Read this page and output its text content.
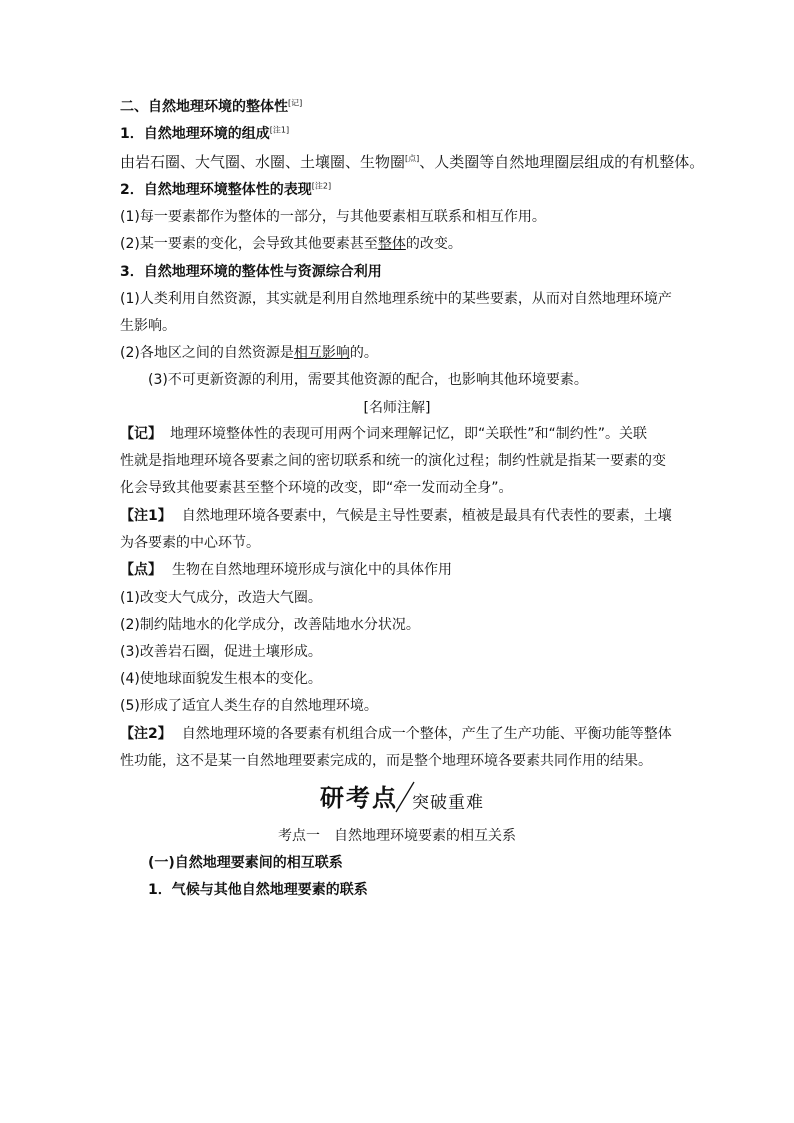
二、自然地理环境的整体性[记]
1．自然地理环境的组成[注1]
由岩石圈、大气圈、水圈、土壤圈、生物圈[点]、人类圈等自然地理圈层组成的有机整体。
2．自然地理环境整体性的表现[注2]
(1)每一要素都作为整体的一部分，与其他要素相互联系和相互作用。
(2)某一要素的变化，会导致其他要素甚至整体的改变。
3．自然地理环境的整体性与资源综合利用
(1)人类利用自然资源，其实就是利用自然地理系统中的某些要素，从而对自然地理环境产
生影响。
(2)各地区之间的自然资源是相互影响的。
(3)不可更新资源的利用，需要其他资源的配合，也影响其他环境要素。
[名师注解]
【记】 地理环境整体性的表现可用两个词来理解记忆，即“关联性”和“制约性”。关联
性就是指地理环境各要素之间的密切联系和统一的演化过程；制约性就是指某一要素的变
化会导致其他要素甚至整个环境的改变，即“牵一发而动全身”。
【注1】 自然地理环境各要素中，气候是主导性要素，植被是最具有代表性的要素，土壤
为各要素的中心环节。
【点】 生物在自然地理环境形成与演化中的具体作用
(1)改变大气成分，改造大气圈。
(2)制约陆地水的化学成分，改善陆地水分状况。
(3)改善岩石圈，促进土壤形成。
(4)使地球面貌发生根本的变化。
(5)形成了适宜人类生存的自然地理环境。
【注2】 自然地理环境的各要素有机组合成一个整体，产生了生产功能、平衡功能等整体
性功能，这不是某一自然地理要素完成的，而是整个地理环境各要素共同作用的结果。
研考点 突破重难
考点一　自然地理环境要素的相互关系
(一)自然地理要素间的相互联系
1．气候与其他自然地理要素的联系
